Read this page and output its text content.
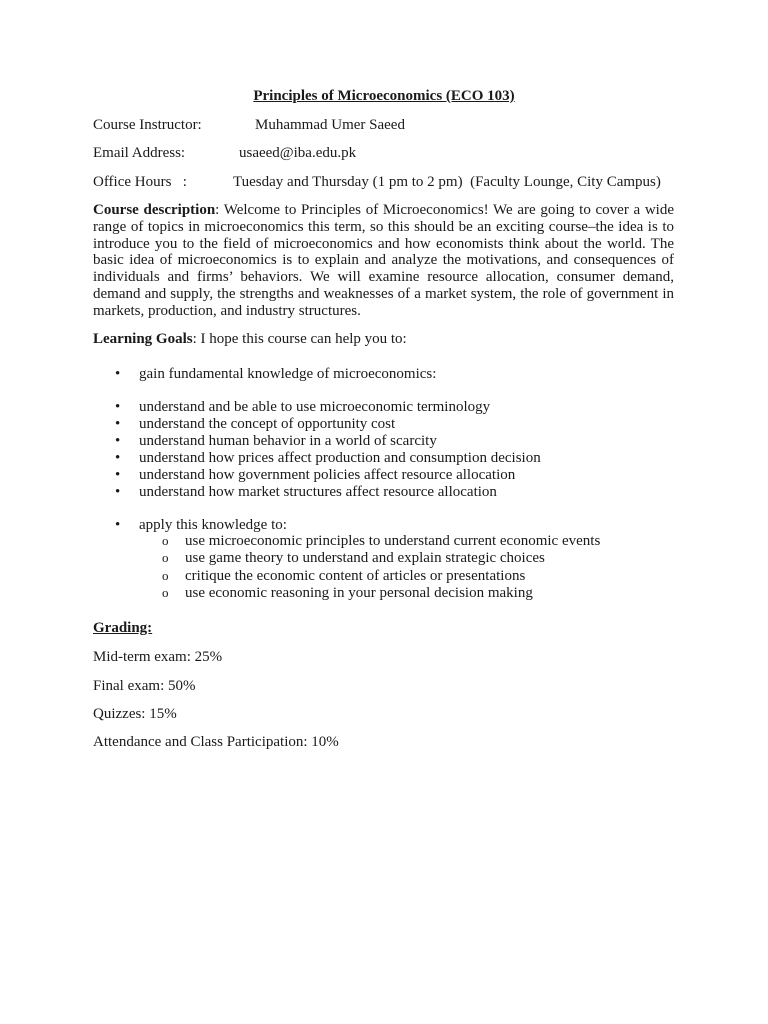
Principles of Microeconomics (ECO 103)
Course Instructor:	Muhammad Umer Saeed
Email Address:	usaeed@iba.edu.pk
Office Hours   :	Tuesday and Thursday (1 pm to 2 pm)  (Faculty Lounge, City Campus)
Course description: Welcome to Principles of Microeconomics! We are going to cover a wide range of topics in microeconomics this term, so this should be an exciting course–the idea is to introduce you to the field of microeconomics and how economists think about the world. The basic idea of microeconomics is to explain and analyze the motivations, and consequences of individuals and firms’ behaviors. We will examine resource allocation, consumer demand, demand and supply, the strengths and weaknesses of a market system, the role of government in markets, production, and industry structures.
Learning Goals: I hope this course can help you to:
• gain fundamental knowledge of microeconomics:
• understand and be able to use microeconomic terminology
• understand the concept of opportunity cost
• understand human behavior in a world of scarcity
• understand how prices affect production and consumption decision
• understand how government policies affect resource allocation
• understand how market structures affect resource allocation
• apply this knowledge to:
o use microeconomic principles to understand current economic events
o use game theory to understand and explain strategic choices
o critique the economic content of articles or presentations
o use economic reasoning in your personal decision making
Grading:
Mid-term exam: 25%
Final exam: 50%
Quizzes: 15%
Attendance and Class Participation: 10%
